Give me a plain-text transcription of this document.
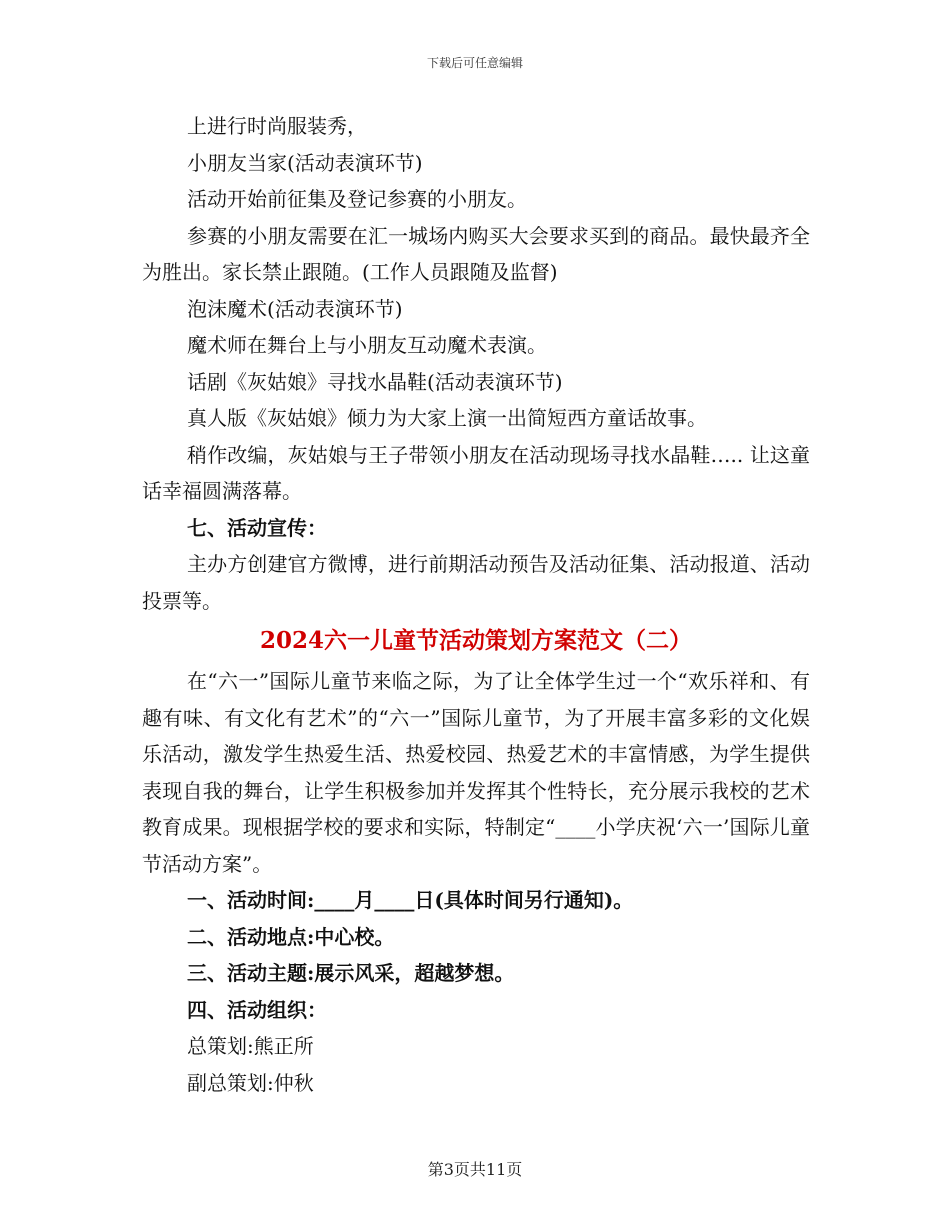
下载后可任意编辑

上进行时尚服装秀，

小朋友当家(活动表演环节)

活动开始前征集及登记参赛的小朋友。

参赛的小朋友需要在汇一城场内购买大会要求买到的商品。最快最齐全为胜出。家长禁止跟随。(工作人员跟随及监督)

泡沫魔术(活动表演环节)

魔术师在舞台上与小朋友互动魔术表演。

话剧《灰姑娘》寻找水晶鞋(活动表演环节)

真人版《灰姑娘》倾力为大家上演一出简短西方童话故事。

稍作改编，灰姑娘与王子带领小朋友在活动现场寻找水晶鞋….. 让这童话幸福圆满落幕。

七、活动宣传：

主办方创建官方微博，进行前期活动预告及活动征集、活动报道、活动投票等。

2024六一儿童节活动策划方案范文（二）

在“六一”国际儿童节来临之际，为了让全体学生过一个“欢乐祥和、有趣有味、有文化有艺术”的“六一”国际儿童节，为了开展丰富多彩的文化娱乐活动，激发学生热爱生活、热爱校园、热爱艺术的丰富情感，为学生提供表现自我的舞台，让学生积极参加并发挥其个性特长，充分展示我校的艺术教育成果。现根据学校的要求和实际，特制定“____小学庆祝‘六一’国际儿童节活动方案”。

一、活动时间:____月____日(具体时间另行通知)。

二、活动地点:中心校。

三、活动主题:展示风采，超越梦想。

四、活动组织：

总策划:熊正所

副总策划:仲秋

第3页共11页
